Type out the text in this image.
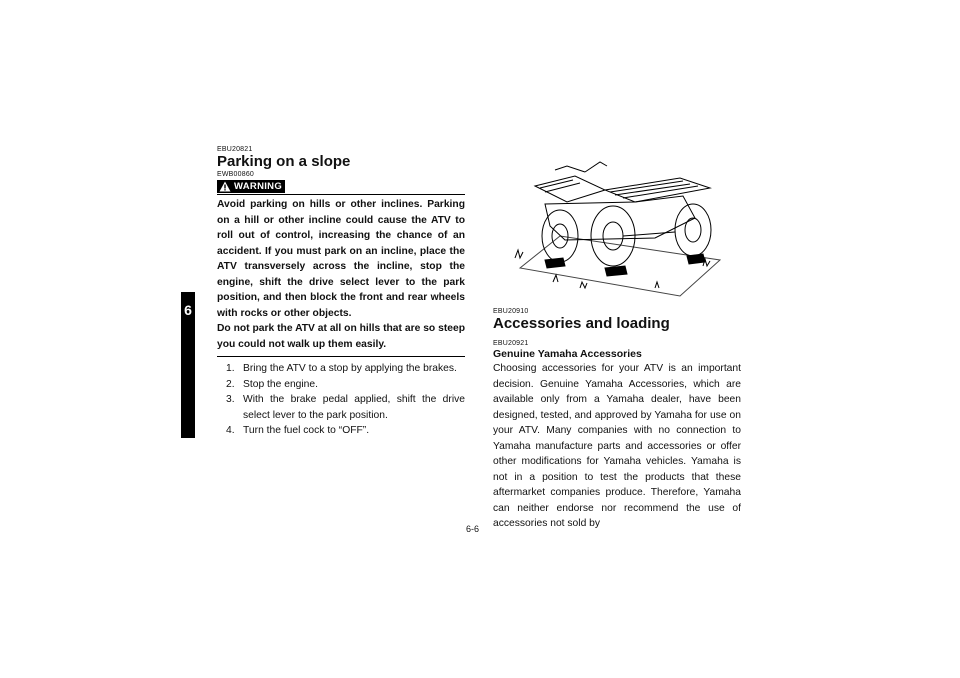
6

EBU20821

Parking on a slope

EWB00860

WARNING

Avoid parking on hills or other inclines. Parking on a hill or other incline could cause the ATV to roll out of control, increasing the chance of an accident. If you must park on an incline, place the ATV transversely across the incline, stop the engine, shift the drive select lever to the park position, and then block the front and rear wheels with rocks or other objects.

Do not park the ATV at all on hills that are so steep you could not walk up them easily.

1. Bring the ATV to a stop by applying the brakes.
2. Stop the engine.
3. With the brake pedal applied, shift the drive select lever to the park position.
4. Turn the fuel cock to “OFF”.

EBU20910

Accessories and loading

EBU20921

Genuine Yamaha Accessories

Choosing accessories for your ATV is an important decision. Genuine Yamaha Accessories, which are available only from a Yamaha dealer, have been designed, tested, and approved by Yamaha for use on your ATV. Many companies with no connection to Yamaha manufacture parts and accessories or offer other modifications for Yamaha vehicles. Yamaha is not in a position to test the products that these aftermarket companies produce. Therefore, Yamaha can neither endorse nor recommend the use of accessories not sold by

6-6
